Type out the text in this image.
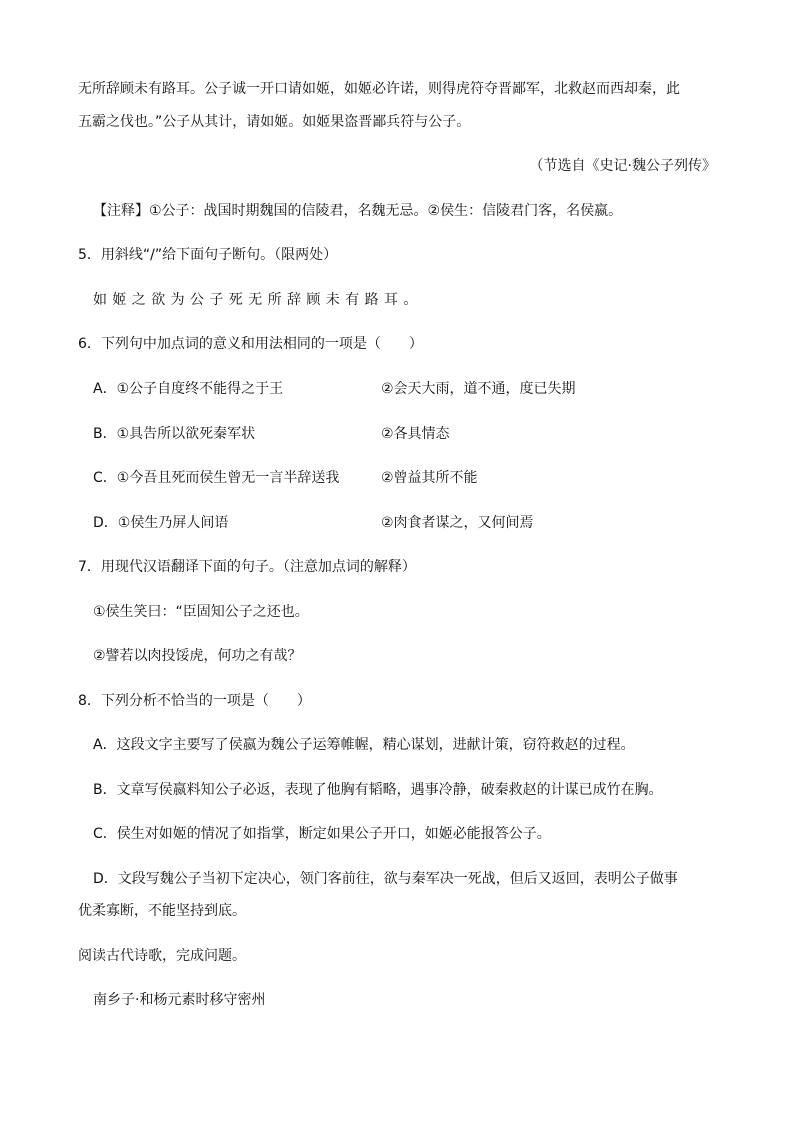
无所辞顾未有路耳。公子诚一开口请如姬，如姬必许诺，则得虎符夺晋鄙军，北救赵而西却秦，此
五霸之伐也。”公子从其计，请如姬。如姬果盗晋鄙兵符与公子。
（节选自《史记·魏公子列传》
【注释】①公子：战国时期魏国的信陵君，名魏无忌。②侯生：信陵君门客，名侯嬴。
5．用斜线“/”给下面句子断句。（限两处）
如姬之欲为公子死无所辞顾未有路耳。
6．下列句中加点词的意义和用法相同的一项是（　　）
A．①公子自度终不能得之于王	②会天大雨，道不通，度已失期
B．①具告所以欲死秦军状	②各具情态
C．①今吾且死而侯生曾无一言半辞送我	②曾益其所不能
D．①侯生乃屏人间语	②肉食者谋之，又何间焉
7．用现代汉语翻译下面的句子。（注意加点词的解释）
①侯生笑曰：“臣固知公子之还也。
②譬若以肉投馁虎，何功之有哉？
8．下列分析不恰当的一项是（　　）
A．这段文字主要写了侯嬴为魏公子运筹帷幄，精心谋划，进献计策，窃符救赵的过程。
B．文章写侯嬴料知公子必返，表现了他胸有韬略，遇事冷静，破秦救赵的计谋已成竹在胸。
C．侯生对如姬的情况了如指掌，断定如果公子开口，如姬必能报答公子。
D．文段写魏公子当初下定决心，领门客前往，欲与秦军决一死战，但后又返回，表明公子做事
优柔寡断，不能坚持到底。
阅读古代诗歌，完成问题。
南乡子·和杨元素时移守密州
